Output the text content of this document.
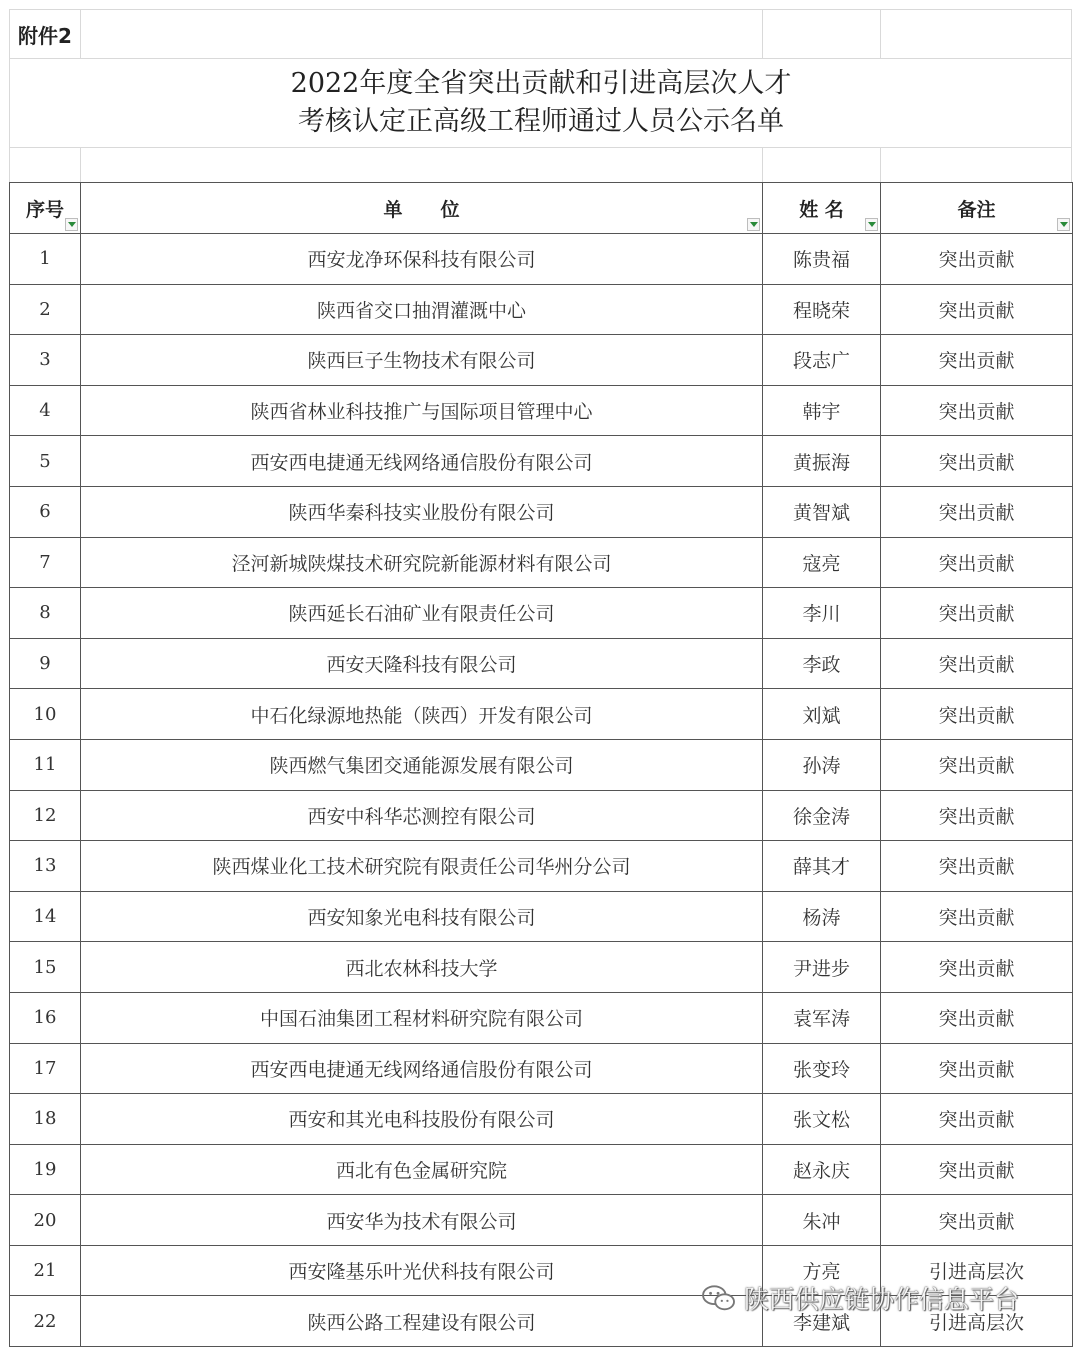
附件2
2022年度全省突出贡献和引进高层次人才
考核认定正高级工程师通过人员公示名单
序号	单　　位	姓 名	备注

1	西安龙净环保科技有限公司	陈贵福	突出贡献
2	陕西省交口抽渭灌溉中心	程晓荣	突出贡献
3	陕西巨子生物技术有限公司	段志广	突出贡献
4	陕西省林业科技推广与国际项目管理中心	韩宇	突出贡献
5	西安西电捷通无线网络通信股份有限公司	黄振海	突出贡献
6	陕西华秦科技实业股份有限公司	黄智斌	突出贡献
7	泾河新城陕煤技术研究院新能源材料有限公司	寇亮	突出贡献
8	陕西延长石油矿业有限责任公司	李川	突出贡献
9	西安天隆科技有限公司	李政	突出贡献
10	中石化绿源地热能（陕西）开发有限公司	刘斌	突出贡献
11	陕西燃气集团交通能源发展有限公司	孙涛	突出贡献
12	西安中科华芯测控有限公司	徐金涛	突出贡献
13	陕西煤业化工技术研究院有限责任公司华州分公司	薛其才	突出贡献
14	西安知象光电科技有限公司	杨涛	突出贡献
15	西北农林科技大学	尹进步	突出贡献
16	中国石油集团工程材料研究院有限公司	袁军涛	突出贡献
17	西安西电捷通无线网络通信股份有限公司	张变玲	突出贡献
18	西安和其光电科技股份有限公司	张文松	突出贡献
19	西北有色金属研究院	赵永庆	突出贡献
20	西安华为技术有限公司	朱冲	突出贡献
21	西安隆基乐叶光伏科技有限公司	方亮	引进高层次
22	陕西公路工程建设有限公司	李建斌	引进高层次
陕西供应链协作信息平台
